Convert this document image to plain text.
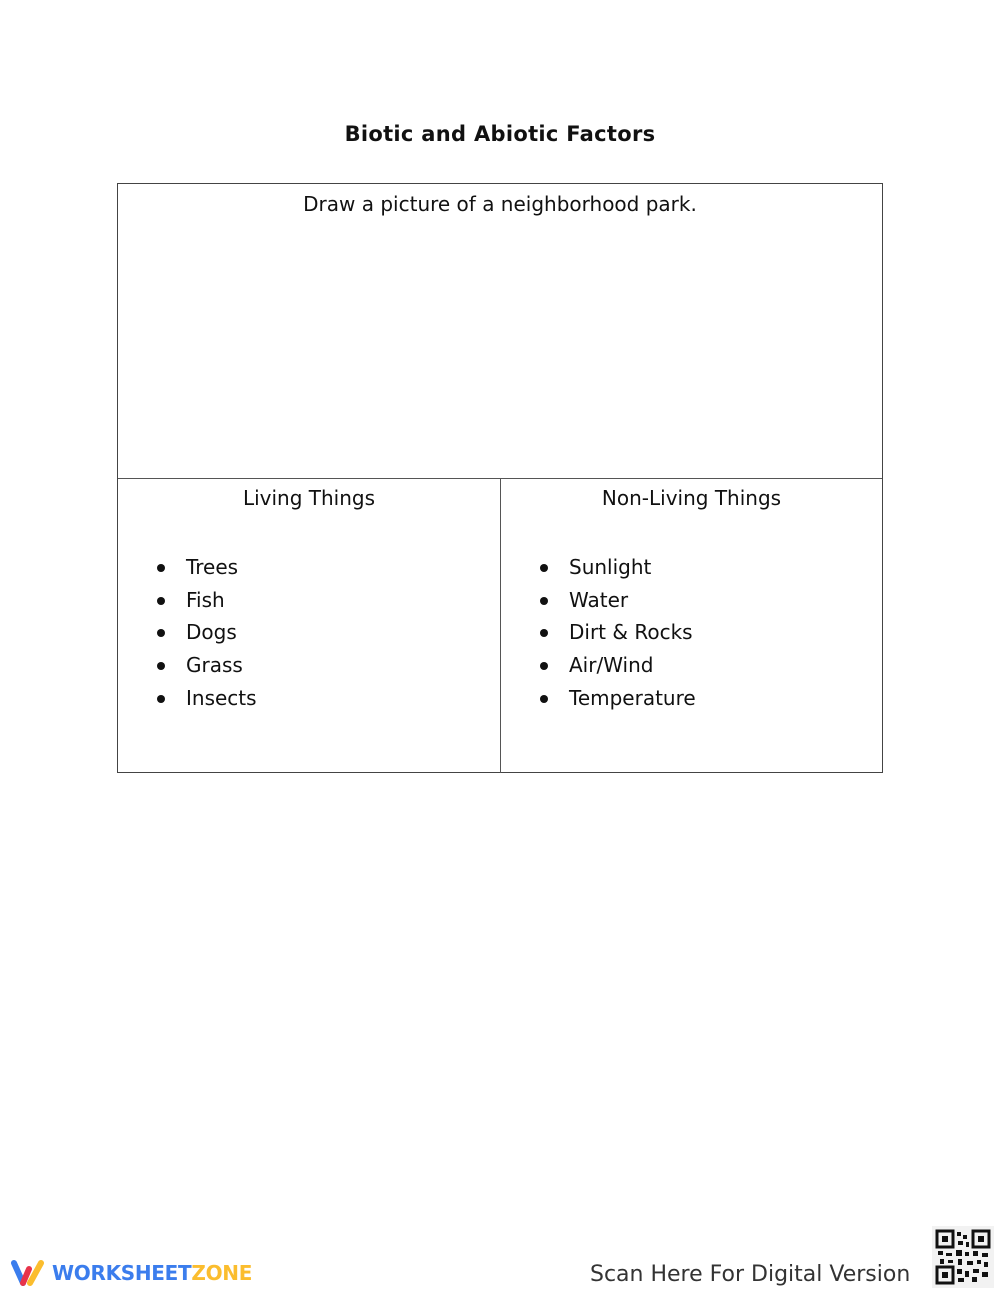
Biotic and Abiotic Factors
Draw a picture of a neighborhood park.
Living Things
Trees
Fish
Dogs
Grass
Insects
Non-Living Things
Sunlight
Water
Dirt & Rocks
Air/Wind
Temperature
WORKSHEETZONE	Scan Here For Digital Version
